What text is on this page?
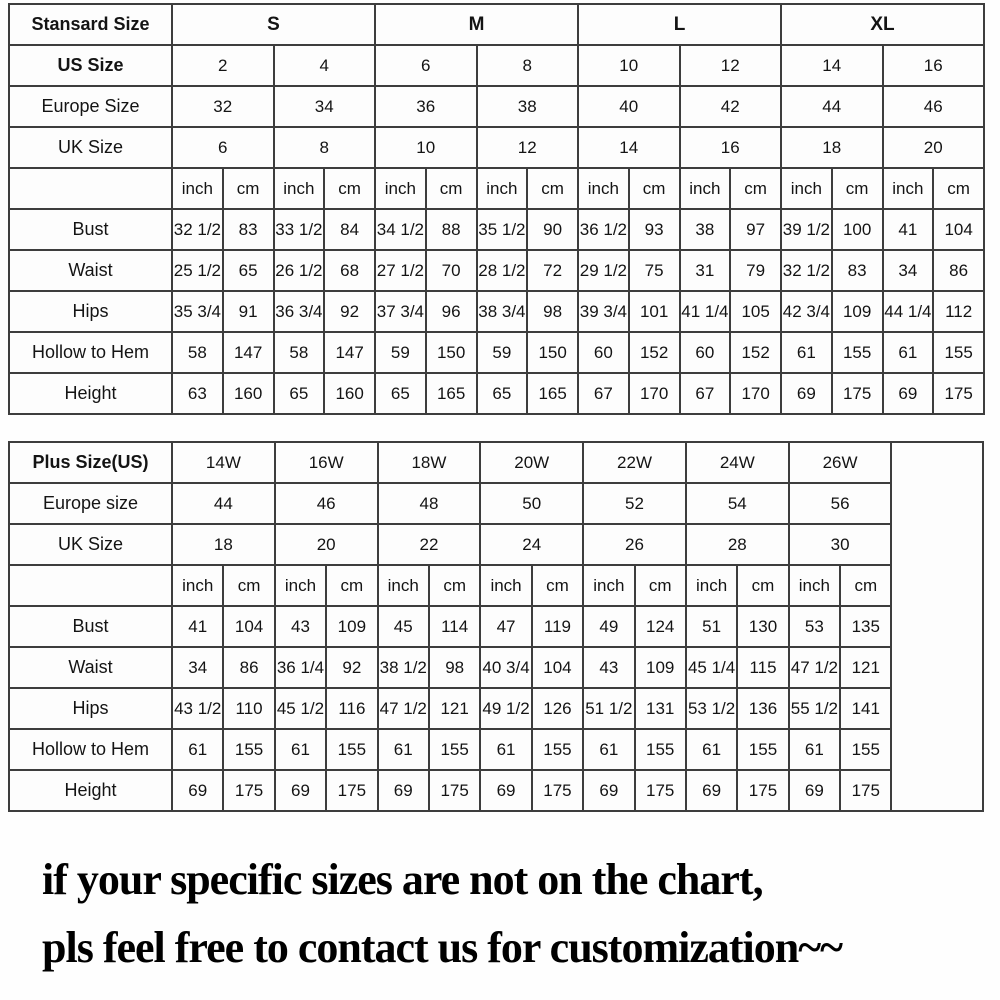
Stansard Size	S				M				L				XL			
US Size	2		4		6		8		10		12		14		16	
Europe Size	32		34		36		38		40		42		44		46	
UK Size	6		8		10		12		14		16		18		20	
	inch	cm	inch	cm	inch	cm	inch	cm	inch	cm	inch	cm	inch	cm	inch	cm
Bust	32 1/2	83	33 1/2	84	34 1/2	88	35 1/2	90	36 1/2	93	38	97	39 1/2	100	41	104
Waist	25 1/2	65	26 1/2	68	27 1/2	70	28 1/2	72	29 1/2	75	31	79	32 1/2	83	34	86
Hips	35 3/4	91	36 3/4	92	37 3/4	96	38 3/4	98	39 3/4	101	41 1/4	105	42 3/4	109	44 1/4	112
Hollow to Hem	58	147	58	147	59	150	59	150	60	152	60	152	61	155	61	155
Height	63	160	65	160	65	165	65	165	67	170	67	170	69	175	69	175
Plus Size(US)	14W		16W		18W		20W		22W		24W		26W		
Europe size	44		46		48		50		52		54		56		
UK Size	18		20		22		24		26		28		30		
	inch	cm	inch	cm	inch	cm	inch	cm	inch	cm	inch	cm	inch	cm	
Bust	41	104	43	109	45	114	47	119	49	124	51	130	53	135	
Waist	34	86	36 1/4	92	38 1/2	98	40 3/4	104	43	109	45 1/4	115	47 1/2	121	
Hips	43 1/2	110	45 1/2	116	47 1/2	121	49 1/2	126	51 1/2	131	53 1/2	136	55 1/2	141	
Hollow to Hem	61	155	61	155	61	155	61	155	61	155	61	155	61	155	
Height	69	175	69	175	69	175	69	175	69	175	69	175	69	175	
if your specific sizes are not on the chart,
pls feel free to contact us for customization~~
